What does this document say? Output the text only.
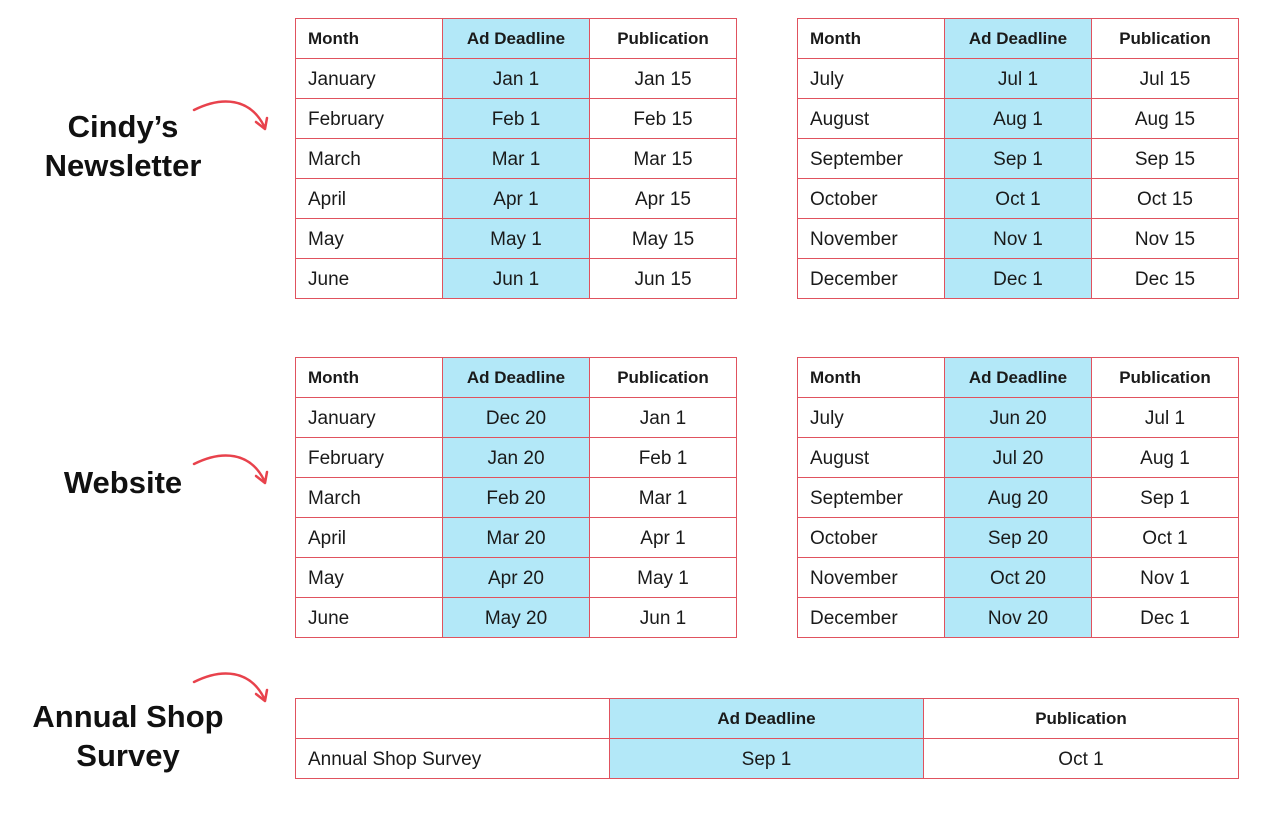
Cindy’s
Newsletter
Website
Annual Shop
Survey
Month	Ad Deadline	Publication
January	Jan 1	Jan 15
February	Feb 1	Feb 15
March	Mar 1	Mar 15
April	Apr 1	Apr 15
May	May 1	May 15
June	Jun 1	Jun 15
Month	Ad Deadline	Publication
July	Jul 1	Jul 15
August	Aug 1	Aug 15
September	Sep 1	Sep 15
October	Oct 1	Oct 15
November	Nov 1	Nov 15
December	Dec 1	Dec 15
Month	Ad Deadline	Publication
January	Dec 20	Jan 1
February	Jan 20	Feb 1
March	Feb 20	Mar 1
April	Mar 20	Apr 1
May	Apr 20	May 1
June	May 20	Jun 1
Month	Ad Deadline	Publication
July	Jun 20	Jul 1
August	Jul 20	Aug 1
September	Aug 20	Sep 1
October	Sep 20	Oct 1
November	Oct 20	Nov 1
December	Nov 20	Dec 1
	Ad Deadline	Publication
Annual Shop Survey	Sep 1	Oct 1
